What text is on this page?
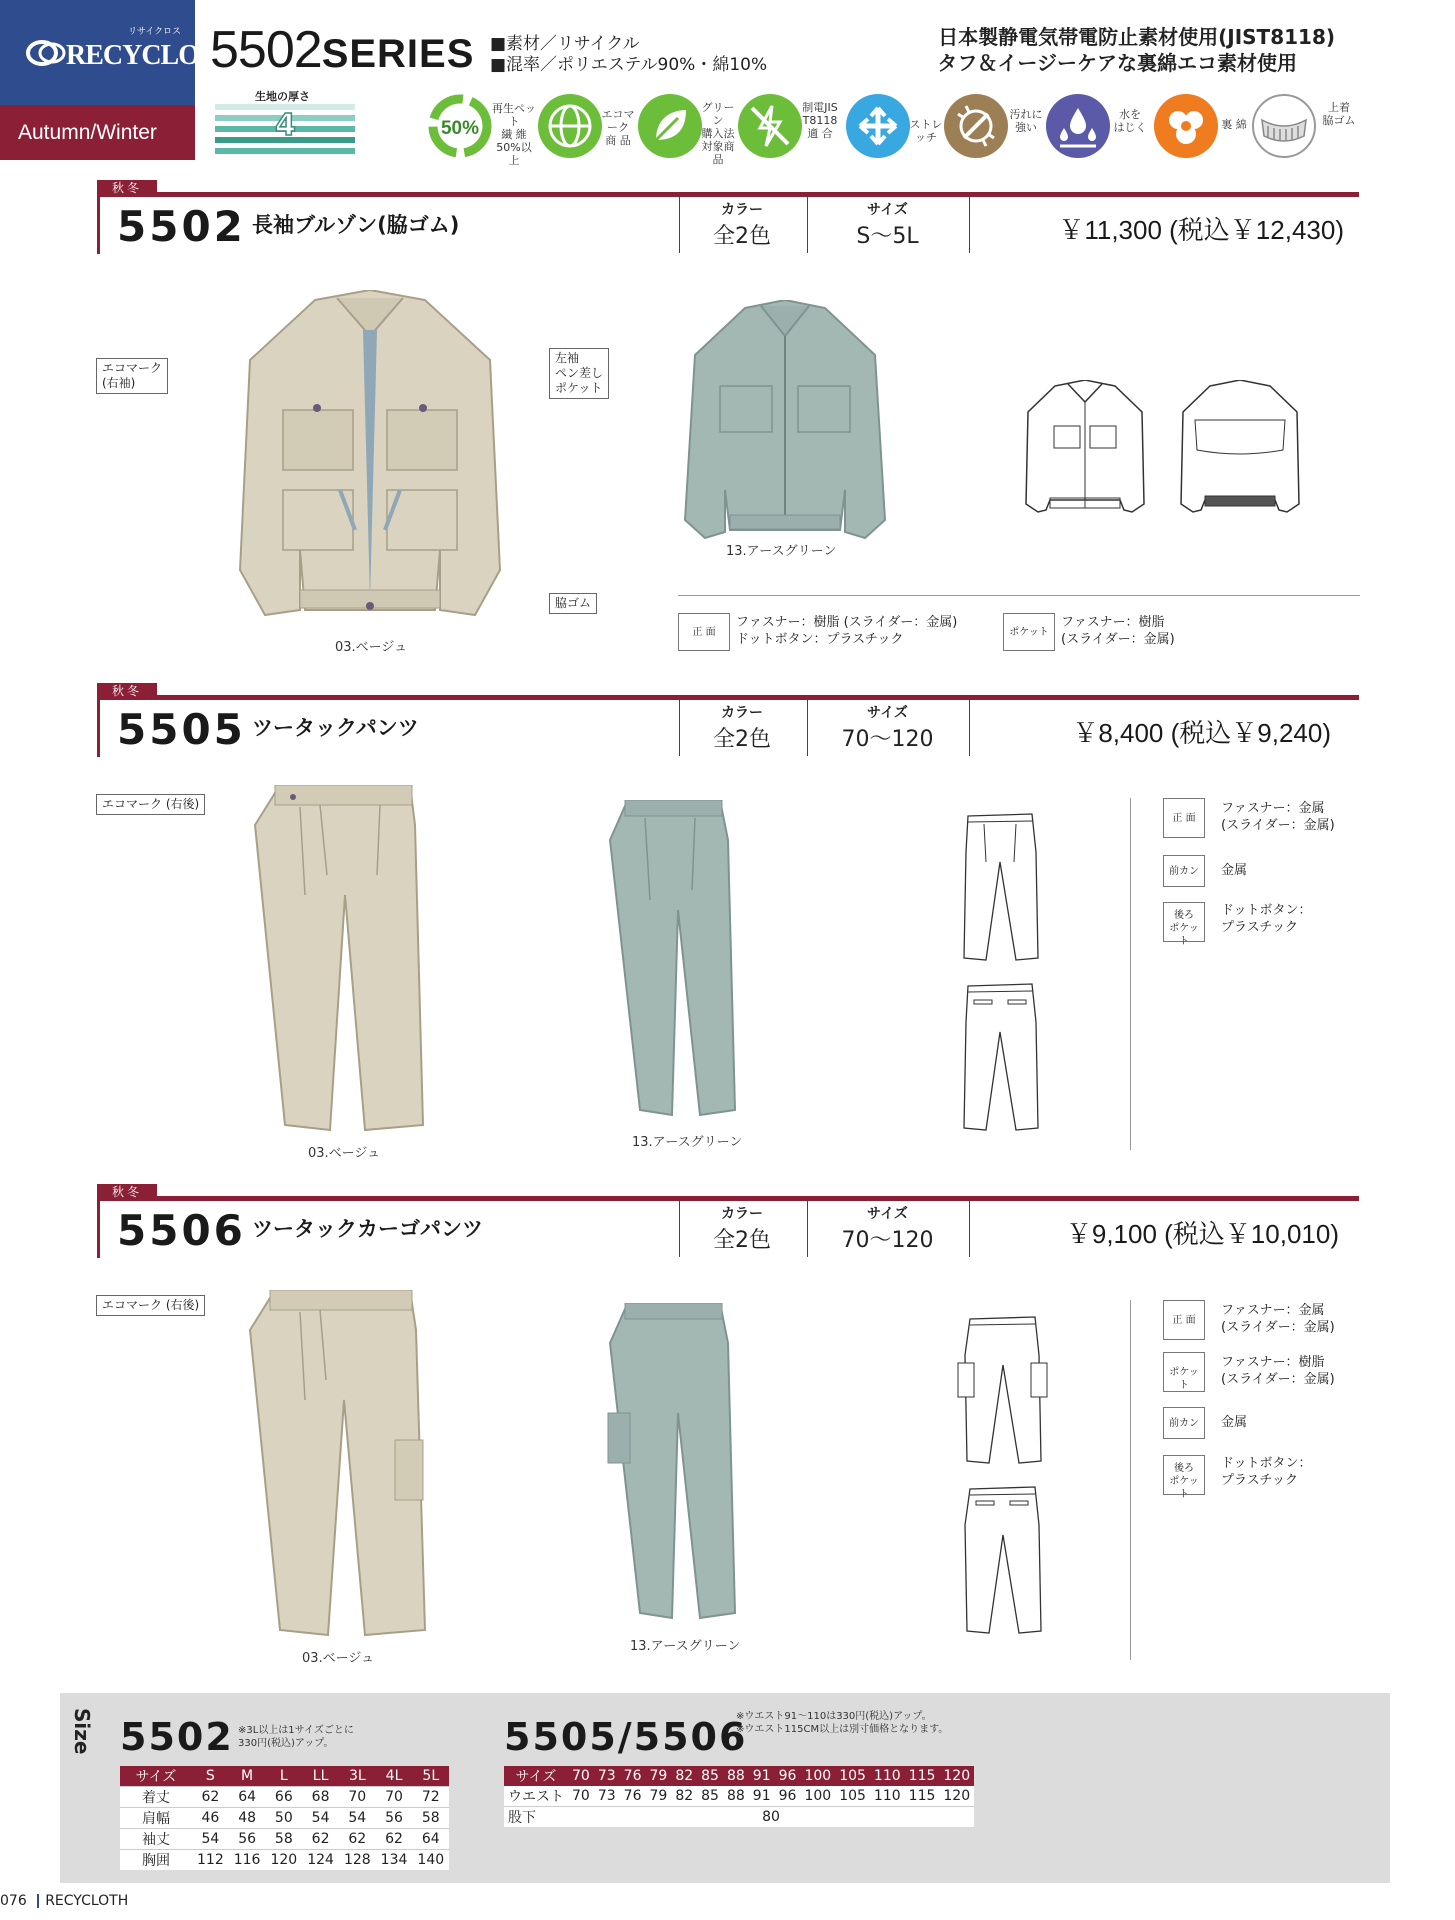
RECYCLOTH
リサイクロス
Autumn/Winter
5502SERIES ■素材／リサイクル
■混率／ポリエステル90%・綿10%
日本製静電気帯電防止素材使用(JIST8118)
タフ＆イージーケアな裏綿エコ素材使用
生地の厚さ
4	50%
再生ペット
繊 維
50%以上
エコマーク
商 品
グリーン
購入法
対象商品
制電JIS
T8118
適 合
ストレッチ
汚れに
強い
水を
はじく	裏 綿
上着
脇ゴム
秋冬
5502 長袖ブルゾン(脇ゴム)
カラー
全2色
サイズ
S〜5L	￥11,300 (税込￥12,430)
エコマーク
(右袖)
左袖
ペン差し
ポケット
脇ゴム
03.ベージュ
13.アースグリーン
正 面
ファスナー：樹脂 (スライダー：金属)
ドットボタン：プラスチック	ポケット
ファスナー：樹脂
(スライダー：金属)
秋冬
5505 ツータックパンツ
カラー
全2色
サイズ
70〜120	￥8,400 (税込￥9,240)
エコマーク (右後)
03.ベージュ
13.アースグリーン
正 面
ファスナー：金属
(スライダー：金属)
前カン	金属
後ろ
ポケット
ドットボタン：
プラスチック
秋冬
5506 ツータックカーゴパンツ
カラー
全2色
サイズ
70〜120	￥9,100 (税込￥10,010)
エコマーク (右後)
03.ベージュ
13.アースグリーン
正 面
ファスナー：金属
(スライダー：金属)
ポケット
ファスナー：樹脂
(スライダー：金属)
前カン	金属
後ろ
ポケット
ドットボタン：
プラスチック
Size 5502 ※3L以上は1サイズごとに
330円(税込)アップ。
サイズ	S	M	L	LL	3L	4L	5L
着丈	62	64	66	68	70	70	72
肩幅	46	48	50	54	54	56	58
袖丈	54	56	58	62	62	62	64
胸囲	112	116	120	124	128	134	140
5505/5506
※ウエスト91〜110は330円(税込)アップ。
※ウエスト115CM以上は別寸価格となります。
サイズ	70	73	76	79	82	85	88	91	96	100	105	110	115	120
ウエスト	70	73	76	79	82	85	88	91	96	100	105	110	115	120
股下	80													
076 RECYCLOTH
